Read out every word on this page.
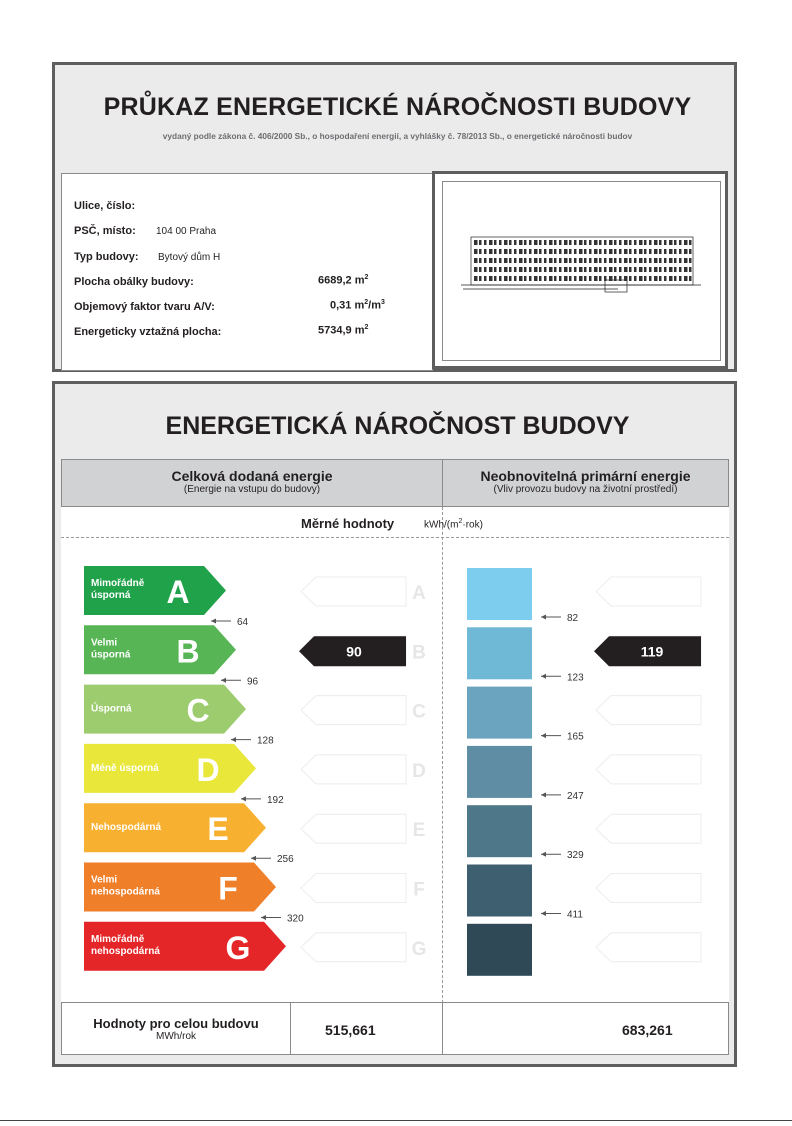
PRŮKAZ ENERGETICKÉ NÁROČNOSTI BUDOVY
vydaný podle zákona č. 406/2000 Sb., o hospodaření energií, a vyhlášky č. 78/2013 Sb., o energetické náročnosti budov
Ulice, číslo:
PSČ, místo: 104 00 Praha
Typ budovy: Bytový dům H
Plocha obálky budovy:	6689,2 $m^2$
Objemový faktor tvaru A/V:	0,31 $m^2/m^3$
Energeticky vztažná plocha:	5734,9 $m^2$
ENERGETICKÁ NÁROČNOST BUDOVY
Celková dodaná energie
(Energie na vstupu do budovy)
Neobnovitelná primární energie
(Vliv provozu budovy na životní prostředí)
Měrné hodnoty	kWh/$(m^2\cdot rok)$
Mimořádně
úsporná A	A
Velmi
úsporná B	B
Úsporná C	C
Méně úsporná D	D
Nehospodárná E	E
Velmi
nehospodárná F	F
Mimořádně
nehospodárná G	G
64
96
128
192
256
320
82
123
165
247
329
411
90	119
Hodnoty pro celou budovu
MWh/rok	515,661	683,261
